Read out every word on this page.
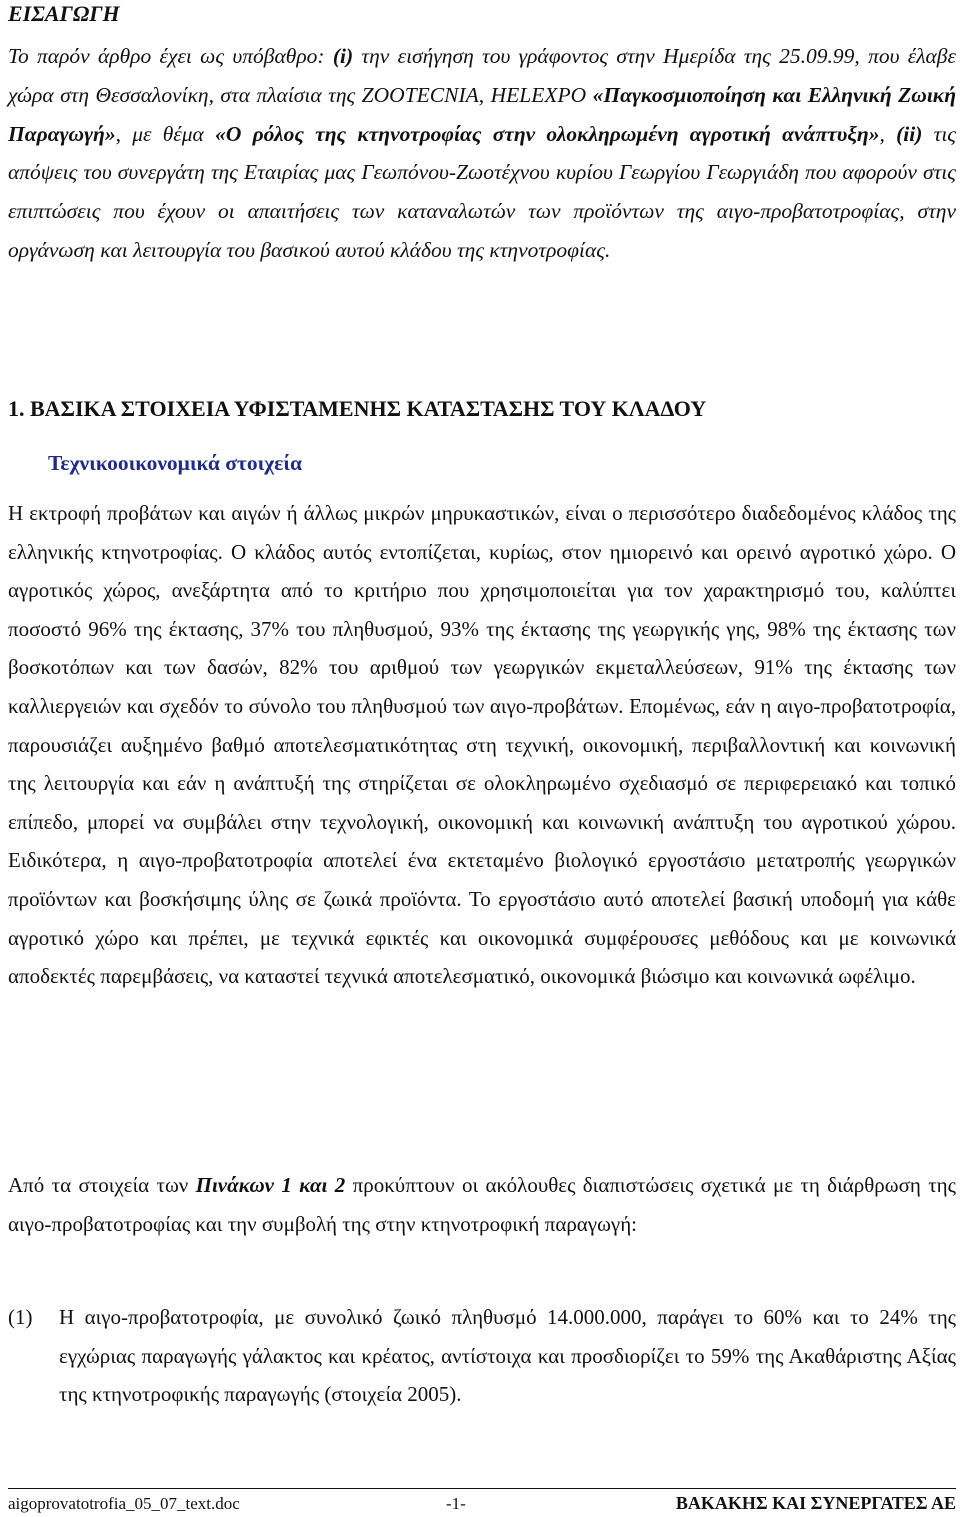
ΕΙΣΑΓΩΓΗ

Το παρόν άρθρο έχει ως υπόβαθρο: (i) την εισήγηση του γράφοντος στην Ημερίδα της 25.09.99, που έλαβε χώρα στη Θεσσαλονίκη, στα πλαίσια της ZOOTECNIA, HELEXPO «Παγκοσμιοποίηση και Ελληνική Ζωική Παραγωγή», με θέμα «Ο ρόλος της κτηνοτροφίας στην ολοκληρωμένη αγροτική ανάπτυξη», (ii) τις απόψεις του συνεργάτη της Εταιρίας μας Γεωπόνου-Ζωοτέχνου κυρίου Γεωργίου Γεωργιάδη που αφορούν στις επιπτώσεις που έχουν οι απαιτήσεις των καταναλωτών των προϊόντων της αιγο-προβατοτροφίας, στην οργάνωση και λειτουργία του βασικού αυτού κλάδου της κτηνοτροφίας.

1. ΒΑΣΙΚΑ ΣΤΟΙΧΕΙΑ ΥΦΙΣΤΑΜΕΝΗΣ ΚΑΤΑΣΤΑΣΗΣ ΤΟΥ ΚΛΑΔΟΥ
Τεχνικοοικονομικά στοιχεία

Η εκτροφή προβάτων και αιγών ή άλλως μικρών μηρυκαστικών, είναι ο περισσότερο διαδεδομένος κλάδος της ελληνικής κτηνοτροφίας. Ο κλάδος αυτός εντοπίζεται, κυρίως, στον ημιορεινό και ορεινό αγροτικό χώρο. Ο αγροτικός χώρος, ανεξάρτητα από το κριτήριο που χρησιμοποιείται για τον χαρακτηρισμό του, καλύπτει ποσοστό 96% της έκτασης, 37% του πληθυσμού, 93% της έκτασης της γεωργικής γης, 98% της έκτασης των βοσκοτόπων και των δασών, 82% του αριθμού των γεωργικών εκμεταλλεύσεων, 91% της έκτασης των καλλιεργειών και σχεδόν το σύνολο του πληθυσμού των αιγο-προβάτων. Επομένως, εάν η αιγο-προβατοτροφία, παρουσιάζει αυξημένο βαθμό αποτελεσματικότητας στη τεχνική, οικονομική, περιβαλλοντική και κοινωνική της λειτουργία και εάν η ανάπτυξή της στηρίζεται σε ολοκληρωμένο σχεδιασμό σε περιφερειακό και τοπικό επίπεδο, μπορεί να συμβάλει στην τεχνολογική, οικονομική και κοινωνική ανάπτυξη του αγροτικού χώρου. Ειδικότερα, η αιγο-προβατοτροφία αποτελεί ένα εκτεταμένο βιολογικό εργοστάσιο μετατροπής γεωργικών προϊόντων και βοσκήσιμης ύλης σε ζωικά προϊόντα. Το εργοστάσιο αυτό αποτελεί βασική υποδομή για κάθε αγροτικό χώρο και πρέπει, με τεχνικά εφικτές και οικονομικά συμφέρουσες μεθόδους και με κοινωνικά αποδεκτές παρεμβάσεις, να καταστεί τεχνικά αποτελεσματικό, οικονομικά βιώσιμο και κοινωνικά ωφέλιμο.

Από τα στοιχεία των Πινάκων 1 και 2 προκύπτουν οι ακόλουθες διαπιστώσεις σχετικά με τη διάρθρωση της αιγο-προβατοτροφίας και την συμβολή της στην κτηνοτροφική παραγωγή:

(1) Η αιγο-προβατοτροφία, με συνολικό ζωικό πληθυσμό 14.000.000, παράγει το 60% και το 24% της εγχώριας παραγωγής γάλακτος και κρέατος, αντίστοιχα και προσδιορίζει το 59% της Ακαθάριστης Αξίας της κτηνοτροφικής παραγωγής (στοιχεία 2005).

aigoprovatotrofia_05_07_text.doc	-1-	ΒΑΚΑΚΗΣ ΚΑΙ ΣΥΝΕΡΓΑΤΕΣ ΑΕ
